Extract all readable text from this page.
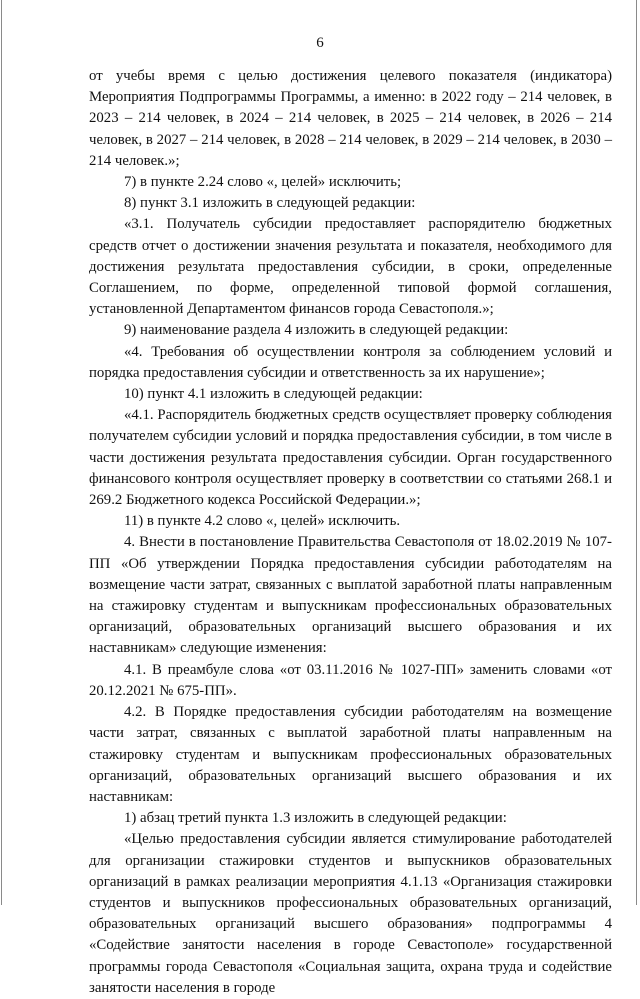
6

от учебы время с целью достижения целевого показателя (индикатора) Мероприятия Подпрограммы Программы, а именно: в 2022 году – 214 человек, в 2023 – 214 человек, в 2024 – 214 человек, в 2025 – 214 человек, в 2026 – 214 человек, в 2027 – 214 человек, в 2028 – 214 человек, в 2029 – 214 человек, в 2030 – 214 человек.»;

7) в пункте 2.24 слово «, целей» исключить;

8) пункт 3.1 изложить в следующей редакции:

«3.1. Получатель субсидии предоставляет распорядителю бюджетных средств отчет о достижении значения результата и показателя, необходимого для достижения результата предоставления субсидии, в сроки, определенные Соглашением, по форме, определенной типовой формой соглашения, установленной Департаментом финансов города Севастополя.»;

9) наименование раздела 4 изложить в следующей редакции:

«4. Требования об осуществлении контроля за соблюдением условий и порядка предоставления субсидии и ответственность за их нарушение»;

10) пункт 4.1 изложить в следующей редакции:

«4.1. Распорядитель бюджетных средств осуществляет проверку соблюдения получателем субсидии условий и порядка предоставления субсидии, в том числе в части достижения результата предоставления субсидии. Орган государственного финансового контроля осуществляет проверку в соответствии со статьями 268.1 и 269.2 Бюджетного кодекса Российской Федерации.»;

11) в пункте 4.2 слово «, целей» исключить.

4. Внести в постановление Правительства Севастополя от 18.02.2019 № 107-ПП «Об утверждении Порядка предоставления субсидии работодателям на возмещение части затрат, связанных с выплатой заработной платы направленным на стажировку студентам и выпускникам профессиональных образовательных организаций, образовательных организаций высшего образования и их наставникам» следующие изменения:

4.1. В преамбуле слова «от 03.11.2016 № 1027-ПП» заменить словами «от 20.12.2021 № 675-ПП».

4.2. В Порядке предоставления субсидии работодателям на возмещение части затрат, связанных с выплатой заработной платы направленным на стажировку студентам и выпускникам профессиональных образовательных организаций, образовательных организаций высшего образования и их наставникам:

1) абзац третий пункта 1.3 изложить в следующей редакции:

«Целью предоставления субсидии является стимулирование работодателей для организации стажировки студентов и выпускников образовательных организаций в рамках реализации мероприятия 4.1.13 «Организация стажировки студентов и выпускников профессиональных образовательных организаций, образовательных организаций высшего образования» подпрограммы 4 «Содействие занятости населения в городе Севастополе» государственной программы города Севастополя «Социальная защита, охрана труда и содействие занятости населения в городе
